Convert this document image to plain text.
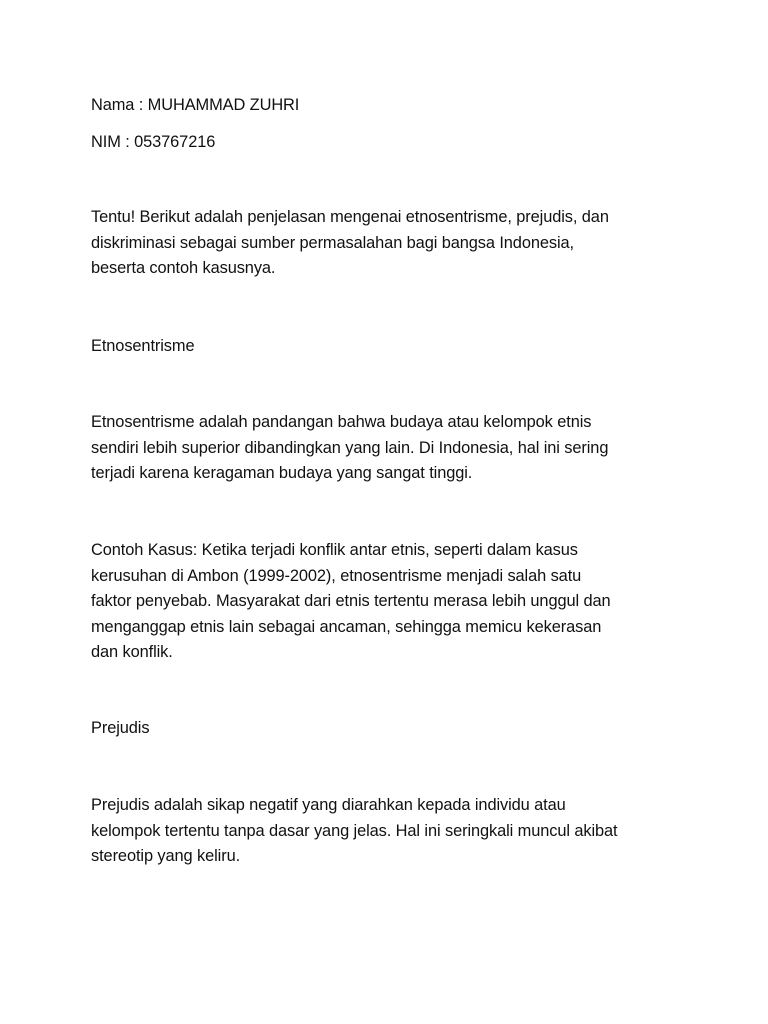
Nama : MUHAMMAD ZUHRI

NIM : 053767216

Tentu! Berikut adalah penjelasan mengenai etnosentrisme, prejudis, dan

diskriminasi sebagai sumber permasalahan bagi bangsa Indonesia,

beserta contoh kasusnya.

Etnosentrisme

Etnosentrisme adalah pandangan bahwa budaya atau kelompok etnis

sendiri lebih superior dibandingkan yang lain. Di Indonesia, hal ini sering

terjadi karena keragaman budaya yang sangat tinggi.

Contoh Kasus: Ketika terjadi konflik antar etnis, seperti dalam kasus

kerusuhan di Ambon (1999-2002), etnosentrisme menjadi salah satu

faktor penyebab. Masyarakat dari etnis tertentu merasa lebih unggul dan

menganggap etnis lain sebagai ancaman, sehingga memicu kekerasan

dan konflik.

Prejudis

Prejudis adalah sikap negatif yang diarahkan kepada individu atau

kelompok tertentu tanpa dasar yang jelas. Hal ini seringkali muncul akibat

stereotip yang keliru.
